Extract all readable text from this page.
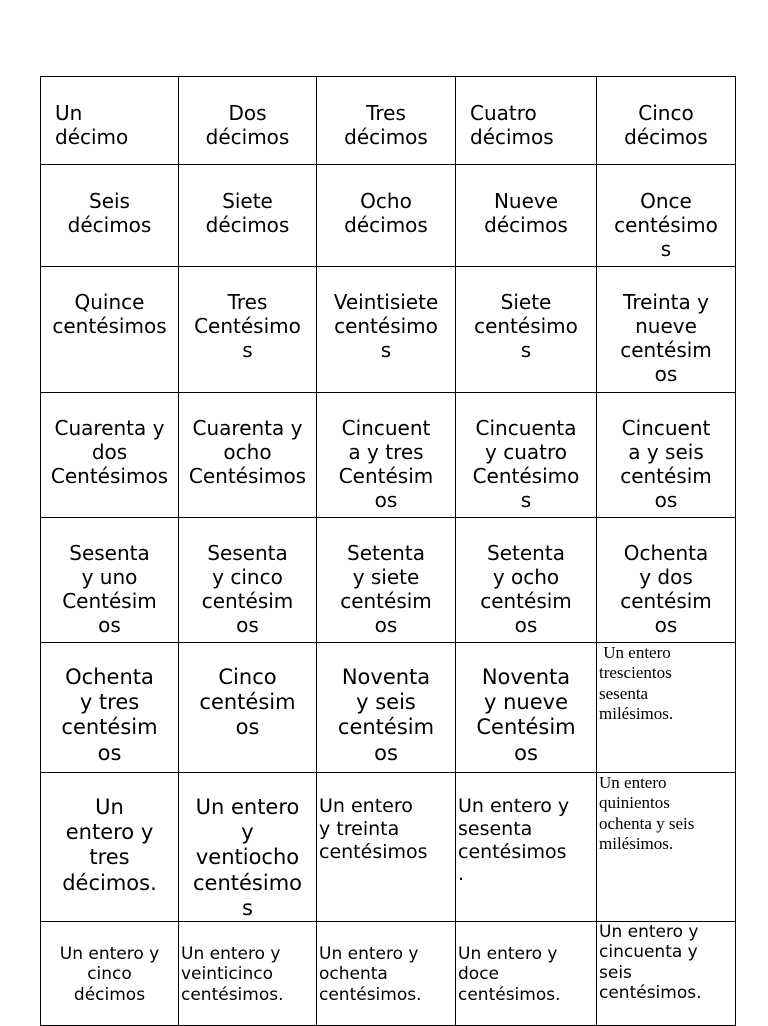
Un
décimo	Dos
décimos	Tres
décimos	Cuatro
décimos	Cinco
décimos

Seis
décimos	Siete
décimos	Ocho
décimos	Nueve
décimos	Once
centésimo
s

Quince
centésimos	Tres
Centésimo
s	Veintisiete
centésimo
s	Siete
centésimo
s	Treinta y
nueve
centésim
os

Cuarenta y
dos
Centésimos	Cuarenta y
ocho
Centésimos	Cincuent
a y tres
Centésim
os	Cincuenta
y cuatro
Centésimo
s	Cincuent
a y seis
centésim
os

Sesenta
y uno
Centésim
os	Sesenta
y cinco
centésim
os	Setenta
y siete
centésim
os	Setenta
y ocho
centésim
os	Ochenta
y dos
centésim
os

Ochenta
y tres
centésim
os	Cinco
centésim
os	Noventa
y seis
centésim
os	Noventa
y nueve
Centésim
os	Un entero
trescientos
sesenta
milésimos.

Un
entero y
tres
décimos.	Un entero
y
ventiocho
centésimo
s	Un entero
y treinta
centésimos	Un entero y
sesenta
centésimos
.	Un entero
quinientos
ochenta y seis
milésimos.

Un entero y
cinco
décimos	Un entero y
veinticinco
centésimos.	Un entero y
ochenta
centésimos.	Un entero y
doce
centésimos.	Un entero y
cincuenta y
seis
centésimos.
